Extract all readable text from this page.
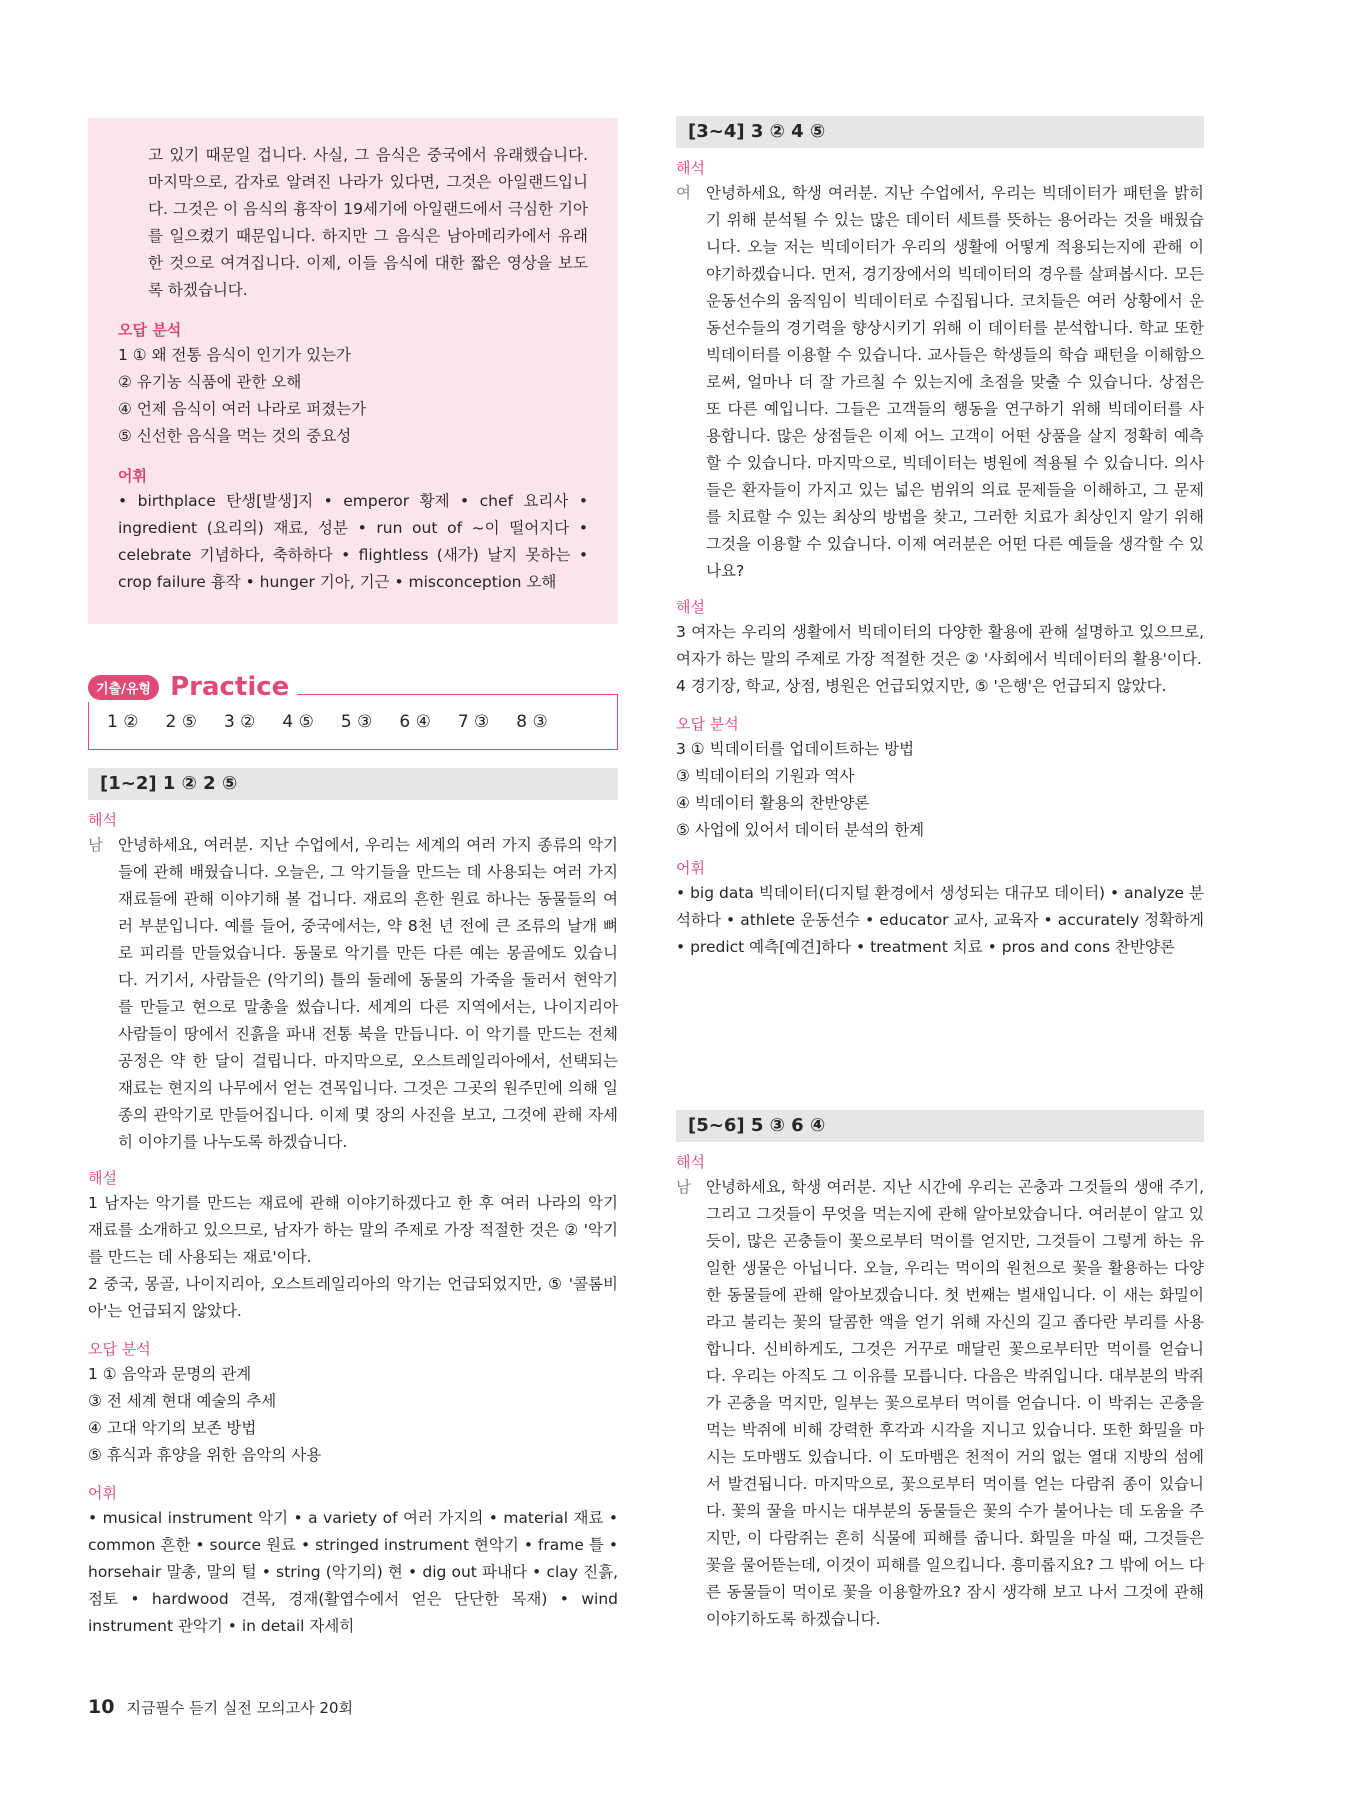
고 있기 때문일 겁니다. 사실, 그 음식은 중국에서 유래했습니다. 마지막으로, 감자로 알려진 나라가 있다면, 그것은 아일랜드입니다. 그것은 이 음식의 흉작이 19세기에 아일랜드에서 극심한 기아를 일으켰기 때문입니다. 하지만 그 음식은 남아메리카에서 유래한 것으로 여겨집니다. 이제, 이들 음식에 대한 짧은 영상을 보도록 하겠습니다.
오답 분석
1 ① 왜 전통 음식이 인기가 있는가
② 유기농 식품에 관한 오해
④ 언제 음식이 여러 나라로 퍼졌는가
⑤ 신선한 음식을 먹는 것의 중요성
어휘
• birthplace 탄생[발생]지 • emperor 황제 • chef 요리사 • ingredient (요리의) 재료, 성분 • run out of ~이 떨어지다 • celebrate 기념하다, 축하하다 • flightless (새가) 날지 못하는 • crop failure 흉작 • hunger 기아, 기근 • misconception 오해
기출/유형 Practice
1 ② 2 ⑤ 3 ② 4 ⑤ 5 ③ 6 ④ 7 ③ 8 ③
[1~2] 1 ② 2 ⑤
해석
남 안녕하세요, 여러분. 지난 수업에서, 우리는 세계의 여러 가지 종류의 악기들에 관해 배웠습니다. 오늘은, 그 악기들을 만드는 데 사용되는 여러 가지 재료들에 관해 이야기해 볼 겁니다. 재료의 흔한 원료 하나는 동물들의 여러 부분입니다. 예를 들어, 중국에서는, 약 8천 년 전에 큰 조류의 날개 뼈로 피리를 만들었습니다. 동물로 악기를 만든 다른 예는 몽골에도 있습니다. 거기서, 사람들은 (악기의) 틀의 둘레에 동물의 가죽을 둘러서 현악기를 만들고 현으로 말총을 썼습니다. 세계의 다른 지역에서는, 나이지리아 사람들이 땅에서 진흙을 파내 전통 북을 만듭니다. 이 악기를 만드는 전체 공정은 약 한 달이 걸립니다. 마지막으로, 오스트레일리아에서, 선택되는 재료는 현지의 나무에서 얻는 견목입니다. 그것은 그곳의 원주민에 의해 일종의 관악기로 만들어집니다. 이제 몇 장의 사진을 보고, 그것에 관해 자세히 이야기를 나누도록 하겠습니다.
해설
1 남자는 악기를 만드는 재료에 관해 이야기하겠다고 한 후 여러 나라의 악기 재료를 소개하고 있으므로, 남자가 하는 말의 주제로 가장 적절한 것은 ② '악기를 만드는 데 사용되는 재료'이다.
2 중국, 몽골, 나이지리아, 오스트레일리아의 악기는 언급되었지만, ⑤ '콜롬비아'는 언급되지 않았다.
오답 분석
1 ① 음악과 문명의 관계
③ 전 세계 현대 예술의 추세
④ 고대 악기의 보존 방법
⑤ 휴식과 휴양을 위한 음악의 사용
어휘
• musical instrument 악기 • a variety of 여러 가지의 • material 재료 • common 흔한 • source 원료 • stringed instrument 현악기 • frame 틀 • horsehair 말총, 말의 털 • string (악기의) 현 • dig out 파내다 • clay 진흙, 점토 • hardwood 견목, 경재(활엽수에서 얻은 단단한 목재) • wind instrument 관악기 • in detail 자세히
[3~4] 3 ② 4 ⑤
해석
여 안녕하세요, 학생 여러분. 지난 수업에서, 우리는 빅데이터가 패턴을 밝히기 위해 분석될 수 있는 많은 데이터 세트를 뜻하는 용어라는 것을 배웠습니다. 오늘 저는 빅데이터가 우리의 생활에 어떻게 적용되는지에 관해 이야기하겠습니다. 먼저, 경기장에서의 빅데이터의 경우를 살펴봅시다. 모든 운동선수의 움직임이 빅데이터로 수집됩니다. 코치들은 여러 상황에서 운동선수들의 경기력을 향상시키기 위해 이 데이터를 분석합니다. 학교 또한 빅데이터를 이용할 수 있습니다. 교사들은 학생들의 학습 패턴을 이해함으로써, 얼마나 더 잘 가르칠 수 있는지에 초점을 맞출 수 있습니다. 상점은 또 다른 예입니다. 그들은 고객들의 행동을 연구하기 위해 빅데이터를 사용합니다. 많은 상점들은 이제 어느 고객이 어떤 상품을 살지 정확히 예측할 수 있습니다. 마지막으로, 빅데이터는 병원에 적용될 수 있습니다. 의사들은 환자들이 가지고 있는 넓은 범위의 의료 문제들을 이해하고, 그 문제를 치료할 수 있는 최상의 방법을 찾고, 그러한 치료가 최상인지 알기 위해 그것을 이용할 수 있습니다. 이제 여러분은 어떤 다른 예들을 생각할 수 있나요?
해설
3 여자는 우리의 생활에서 빅데이터의 다양한 활용에 관해 설명하고 있으므로, 여자가 하는 말의 주제로 가장 적절한 것은 ② '사회에서 빅데이터의 활용'이다.
4 경기장, 학교, 상점, 병원은 언급되었지만, ⑤ '은행'은 언급되지 않았다.
오답 분석
3 ① 빅데이터를 업데이트하는 방법
③ 빅데이터의 기원과 역사
④ 빅데이터 활용의 찬반양론
⑤ 사업에 있어서 데이터 분석의 한계
어휘
• big data 빅데이터(디지털 환경에서 생성되는 대규모 데이터) • analyze 분석하다 • athlete 운동선수 • educator 교사, 교육자 • accurately 정확하게 • predict 예측[예견]하다 • treatment 치료 • pros and cons 찬반양론
[5~6] 5 ③ 6 ④
해석
남 안녕하세요, 학생 여러분. 지난 시간에 우리는 곤충과 그것들의 생애 주기, 그리고 그것들이 무엇을 먹는지에 관해 알아보았습니다. 여러분이 알고 있듯이, 많은 곤충들이 꽃으로부터 먹이를 얻지만, 그것들이 그렇게 하는 유일한 생물은 아닙니다. 오늘, 우리는 먹이의 원천으로 꽃을 활용하는 다양한 동물들에 관해 알아보겠습니다. 첫 번째는 벌새입니다. 이 새는 화밀이라고 불리는 꽃의 달콤한 액을 얻기 위해 자신의 길고 좁다란 부리를 사용합니다. 신비하게도, 그것은 거꾸로 매달린 꽃으로부터만 먹이를 얻습니다. 우리는 아직도 그 이유를 모릅니다. 다음은 박쥐입니다. 대부분의 박쥐가 곤충을 먹지만, 일부는 꽃으로부터 먹이를 얻습니다. 이 박쥐는 곤충을 먹는 박쥐에 비해 강력한 후각과 시각을 지니고 있습니다. 또한 화밀을 마시는 도마뱀도 있습니다. 이 도마뱀은 천적이 거의 없는 열대 지방의 섬에서 발견됩니다. 마지막으로, 꽃으로부터 먹이를 얻는 다람쥐 종이 있습니다. 꽃의 꿀을 마시는 대부분의 동물들은 꽃의 수가 불어나는 데 도움을 주지만, 이 다람쥐는 흔히 식물에 피해를 줍니다. 화밀을 마실 때, 그것들은 꽃을 물어뜯는데, 이것이 피해를 일으킵니다. 흥미롭지요? 그 밖에 어느 다른 동물들이 먹이로 꽃을 이용할까요? 잠시 생각해 보고 나서 그것에 관해 이야기하도록 하겠습니다.
10 지금필수 듣기 실전 모의고사 20회
